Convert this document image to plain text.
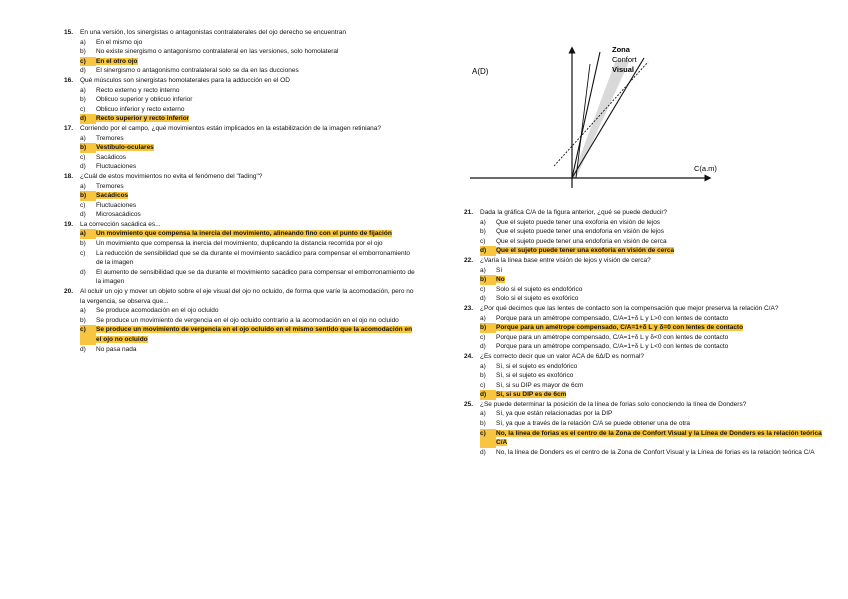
15.	En una versión, los sinergistas o antagonistas contralaterales del ojo derecho se encuentran
a)	En el mismo ojo
b)	No existe sinergismo o antagonismo contralateral en las versiones, solo homolateral
c)	En el otro ojo
d)	El sinergismo o antagonismo contralateral solo se da en las ducciones
16.	Qué músculos son sinergistas homolaterales para la adducción en el OD
a)	Recto externo y recto interno
b)	Oblicuo superior y oblicuo inferior
c)	Oblicuo inferior y recto externo
d)	Recto superior y recto inferior
17.	Corriendo por el campo, ¿qué movimientos están implicados en la estabilización de la imagen retiniana?
a)	Tremores
b)	Vestíbulo-oculares
c)	Sacádicos
d)	Fluctuaciones
18.	¿Cuál de estos movimientos no evita el fenómeno del "fading"?
a)	Tremores
b)	Sacádicos
c)	Fluctuaciones
d)	Microsacádicos
19.	La corrección sacádica es...
a)	Un movimiento que compensa la inercia del movimiento, alineando fino con el punto de fijación
b)	Un movimiento que compensa la inercia del movimiento, duplicando la distancia recorrida por el ojo
c)	La reducción de sensibilidad que se da durante el movimiento sacádico para compensar el emborronamiento de la imagen
d)	El aumento de sensibilidad que se da durante el movimiento sacádico para compensar el emborronamiento de la imagen
20.	Al ocluir un ojo y mover un objeto sobre el eje visual del ojo no ocluido, de forma que varíe la acomodación, pero no la vergencia, se observa que...
a)	Se produce acomodación en el ojo ocluido
b)	Se produce un movimiento de vergencia en el ojo ocluido contrario a la acomodación en el ojo no ocluido
c)	Se produce un movimiento de vergencia en el ojo ocluido en el mismo sentido que la acomodación en el ojo no ocluido
d)	No pasa nada
A(D)
C(a.m)
Zona
Confort
Visual
21.	Dada la gráfica C/A de la figura anterior, ¿qué se puede deducir?
a)	Que el sujeto puede tener una exoforia en visión de lejos
b)	Que el sujeto puede tener una endoforia en visión de lejos
c)	Que el sujeto puede tener una endoforia en visión de cerca
d)	Que el sujeto puede tener una exoforia en visión de cerca
22.	¿Varía la línea base entre visión de lejos y visión de cerca?
a)	Sí
b)	No
c)	Solo si el sujeto es endofórico
d)	Solo si el sujeto es exofórico
23.	¿Por qué decimos que las lentes de contacto son la compensación que mejor preserva la relación C/A?
a)	Porque para un amétrope compensado, C/A=1+δ L y L>0 con lentes de contacto
b)	Porque para un amétrope compensado, C/A=1+δ L y δ=0 con lentes de contacto
c)	Porque para un amétrope compensado, C/A=1+δ L y δ<0 con lentes de contacto
d)	Porque para un amétrope compensado, C/A=1+δ L y L<0 con lentes de contacto
24.	¿Es correcto decir que un valor ACA de 6Δ/D es normal?
a)	Sí, si el sujeto es endofórico
b)	Sí, si el sujeto es exofórico
c)	Sí, si su DIP es mayor de 6cm
d)	Sí, si su DIP es de 6cm
25.	¿Se puede determinar la posición de la línea de forias solo conociendo la línea de Donders?
a)	Sí, ya que están relacionadas por la DIP
b)	Sí, ya que a través de la relación C/A se puede obtener una de otra
c)	No, la línea de forias es el centro de la Zona de Confort Visual y la Línea de Donders es la relación teórica C/A
d)	No, la línea de Donders es el centro de la Zona de Confort Visual y la Línea de forias es la relación teórica C/A
